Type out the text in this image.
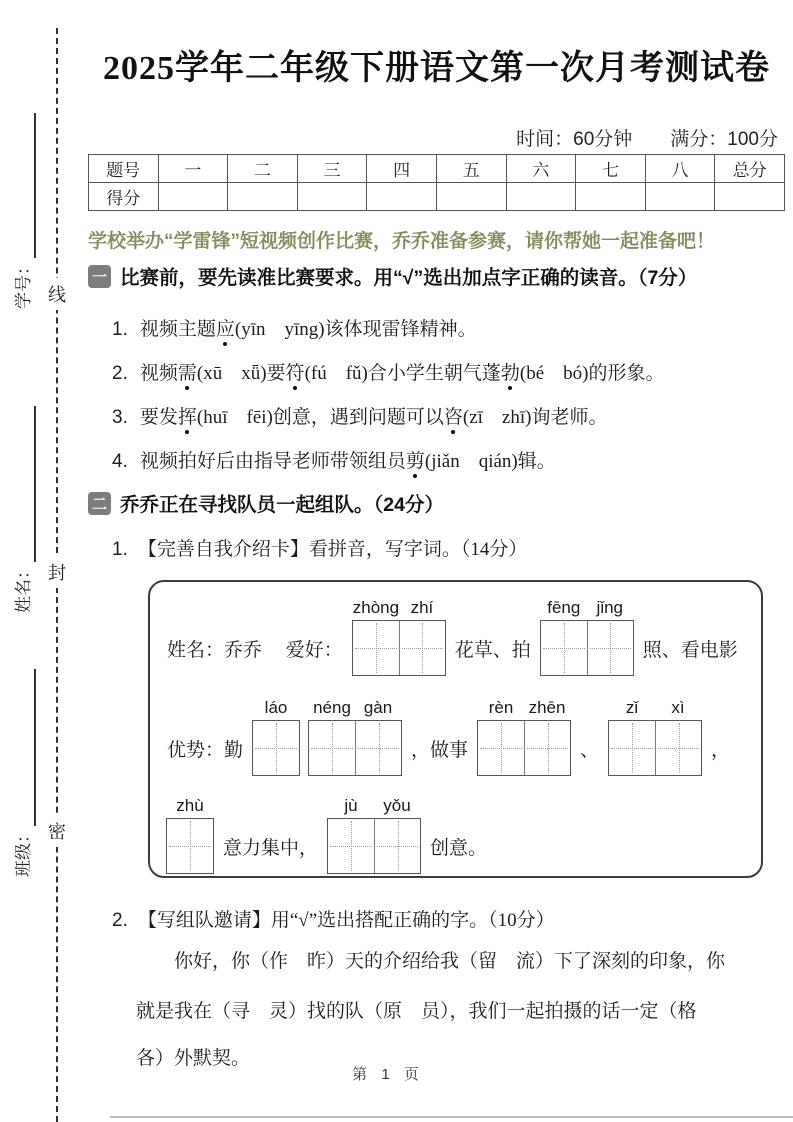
密
封
线
班级：
姓名：
学号：
2025学年二年级下册语文第一次月考测试卷
时间：60分钟 满分：100分
题号	一	二	三	四	五	六	七	八	总分
得分									
学校举办“学雷锋”短视频创作比赛，乔乔准备参赛，请你帮她一起准备吧！
一 比赛前，要先读准比赛要求。用“√”选出加点字正确的读音。（7分）
1. 视频主题应(yīn　yīng)该体现雷锋精神。
2. 视频需(xū　xǖ)要符(fú　fǔ)合小学生朝气蓬勃(bé　bó)的形象。
3. 要发挥(huī　fēi)创意，遇到问题可以咨(zī　zhī)询老师。
4. 视频拍好后由指导老师带领组员剪(jiǎn　qián)辑。
二 乔乔正在寻找队员一起组队。（24分）
1. 【完善自我介绍卡】看拼音，写字词。（14分）
姓名：乔乔　 爱好：
zhòng zhí
花草、拍
fēng jǐng
照、看电影
优势：勤
láo	néng gàn
，做事
rèn zhēn
、
zǐ	xì
，
zhù
意力集中，
jù	yǒu
创意。
2. 【写组队邀请】用“√”选出搭配正确的字。（10分）
你好，你（作　昨）天的介绍给我（留　流）下了深刻的印象，你
就是我在（寻　灵）找的队（原　员），我们一起拍摄的话一定（格
各）外默契。
第 1 页
